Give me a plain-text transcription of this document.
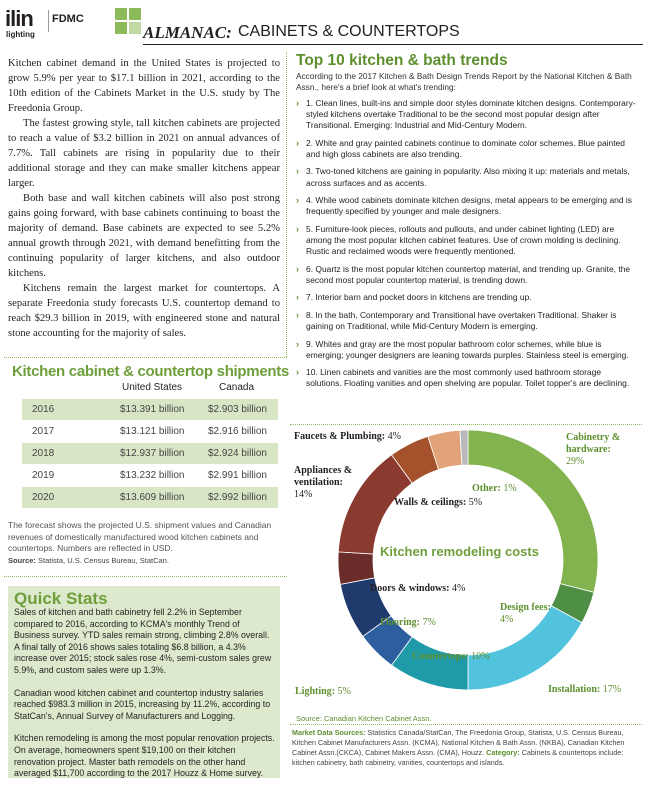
ilin
lighting
FDMC
ALMANAC: CABINETS & COUNTERTOPS

Kitchen cabinet demand in the United States is projected to grow 5.9% per year to $17.1 billion in 2021, according to the 10th edition of the Cabinets Market in the U.S. study by The Freedonia Group.

The fastest growing style, tall kitchen cabinets are projected to reach a value of $3.2 billion in 2021 on annual advances of 7.7%. Tall cabinets are rising in popularity due to their additional storage and they can make smaller kitchens appear larger.

Both base and wall kitchen cabinets will also post strong gains going forward, with base cabinets continuing to boast the majority of demand. Base cabinets are expected to see 5.2% annual growth through 2021, with demand benefitting from the continuing popularity of larger kitchens, and also outdoor kitchens.

Kitchens remain the largest market for countertops. A separate Freedonia study forecasts U.S. countertop demand to reach $29.3 billion in 2019, with engineered stone and natural stone accounting for the majority of sales.

Kitchen cabinet & countertop shipments
United States	Canada
2016	$13.391 billion $2.903 billion
2017	$13.121 billion $2.916 billion
2018	$12.937 billion $2.924 billion
2019	$13.232 billion $2.991 billion
2020	$13.609 billion $2.992 billion
The forecast shows the projected U.S. shipment values and Canadian revenues of domestically manufactured wood kitchen cabinets and countertops. Numbers are reflected in USD.
Source: Statista, U.S. Census Bureau, StatCan.
Quick Stats

Sales of kitchen and bath cabinetry fell 2.2% in September compared to 2016, according to KCMA's monthly Trend of Business survey. YTD sales remain strong, climbing 2.8% overall. A final tally of 2016 shows sales totaling $6.8 billion, a 4.3% increase over 2015; stock sales rose 4%, semi-custom sales grew 5.9%, and custom sales were up 1.3%.

Canadian wood kitchen cabinet and countertop industry salaries reached $983.3 million in 2015, increasing by 11.2%, according to StatCan's, Annual Survey of Manufacturers and Logging.

Kitchen remodeling is among the most popular renovation projects. On average, homeowners spent $19,100 on their kitchen renovation project. Master bath remodels on the other hand averaged $11,700 according to the 2017 Houzz & Home survey.

Top 10 kitchen & bath trends
According to the 2017 Kitchen & Bath Design Trends Report by the National Kitchen & Bath Assn., here's a brief look at what's trending:
› 1. Clean lines, built-ins and simple door styles dominate kitchen designs. Contemporary-styled kitchens overtake Traditional to be the second most popular design after Transitional. Emerging: Industrial and Mid-Century Modern.
› 2. White and gray painted cabinets continue to dominate color schemes. Blue painted and high gloss cabinets are also trending.
› 3. Two-toned kitchens are gaining in popularity. Also mixing it up: materials and metals, across surfaces and as accents.
› 4. While wood cabinets dominate kitchen designs, metal appears to be emerging and is frequently specified by younger and male designers.
› 5. Furniture-look pieces, rollouts and pullouts, and under cabinet lighting (LED) are among the most popular kitchen cabinet features. Use of crown molding is declining. Rustic and reclaimed woods were frequently mentioned.
› 6. Quartz is the most popular kitchen countertop material, and trending up. Granite, the second most popular countertop material, is trending down.
› 7. Interior barn and pocket doors in kitchens are trending up.
› 8. In the bath, Contemporary and Transitional have overtaken Traditional. Shaker is gaining on Traditional, while Mid-Century Modern is emerging.
› 9. Whites and gray are the most popular bathroom color schemes, while blue is emerging; younger designers are leaning towards purples. Stainless steel is emerging.
› 10. Linen cabinets and vanities are the most commonly used bathroom storage solutions. Floating vanities and open shelving are popular. Toilet topper's are declining.
Kitchen remodeling costs
Cabinetry & hardware:
29%
Design fees:
4%
Installation: 17%
Countertops: 10%
Lighting: 5%
Flooring: 7%
Doors & windows: 4%
Appliances & ventilation:
14%
Walls & ceilings: 5%
Faucets & Plumbing: 4%
Other: 1%
Source: Canadian Kitchen Cabinet Assn.
Market Data Sources: Statistics Canada/StatCan, The Freedonia Group, Statista, U.S. Census Bureau, Kitchen Cabinet Manufacturers Assn. (KCMA), National Kitchen & Bath Assn. (NKBA), Canadian Kitchen Cabinet Assn.(CKCA), Cabinet Makers Assn. (CMA), Houzz. Category: Cabinets & countertops include: kitchen cabinetry, bath cabinetry, vanities, countertops and islands.
